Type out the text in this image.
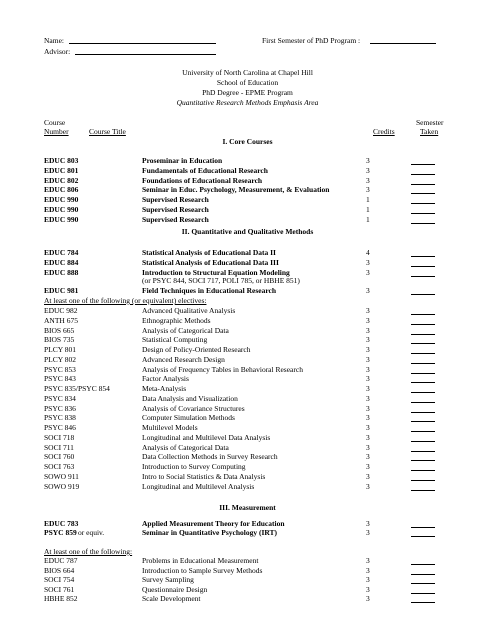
Name:
Advisor:
First Semester of PhD Program :
University of North Carolina at Chapel Hill
School of Education
PhD Degree - EPME Program
Quantitative Research Methods Emphasis Area
Course
Number	Course Title	Credits
Semester
Taken
I. Core Courses
EDUC 803	Proseminar in Education	3
EDUC 801	Fundamentals of Educational Research	3
EDUC 802	Foundations of Educational Research	3
EDUC 806	Seminar in Educ. Psychology, Measurement, & Evaluation	3
EDUC 990	Supervised Research	1
EDUC 990	Supervised Research	1
EDUC 990	Supervised Research	1
II. Quantitative and Qualitative Methods
EDUC 784	Statistical Analysis of Educational Data II	4
EDUC 884	Statistical Analysis of Educational Data III	3
EDUC 888	Introduction to Structural Equation Modeling	3
(or PSYC 844, SOCI 717, POLI 785, or HBHE 851)
EDUC 981	Field Techniques in Educational Research	3
At least one of the following (or equivalent) electives:
EDUC 982	Advanced Qualitative Analysis	3
ANTH 675	Ethnographic Methods	3
BIOS 665	Analysis of Categorical Data	3
BIOS 735	Statistical Computing	3
PLCY 801	Design of Policy-Oriented Research	3
PLCY 802	Advanced Research Design	3
PSYC 853	Analysis of Frequency Tables in Behavioral Research	3
PSYC 843	Factor Analysis	3
PSYC 835/PSYC 854	Meta-Analysis	3
PSYC 834	Data Analysis and Visualization	3
PSYC 836	Analysis of Covariance Structures	3
PSYC 838	Computer Simulation Methods	3
PSYC 846	Multilevel Models	3
SOCI 718	Longitudinal and Multilevel Data Analysis	3
SOCI 711	Analysis of Categorical Data	3
SOCI 760	Data Collection Methods in Survey Research	3
SOCI 763	Introduction to Survey Computing	3
SOWO 911	Intro to Social Statistics & Data Analysis	3
SOWO 919	Longitudinal and Multilevel Analysis	3
III. Measurement
EDUC 783	Applied Measurement Theory for Education	3
PSYC 859 or equiv.	Seminar in Quantitative Psychology (IRT)	3
At least one of the following:
EDUC 787	Problems in Educational Measurement	3
BIOS 664	Introduction to Sample Survey Methods	3
SOCI 754	Survey Sampling	3
SOCI 761	Questionnaire Design	3
HBHE 852	Scale Development	3
